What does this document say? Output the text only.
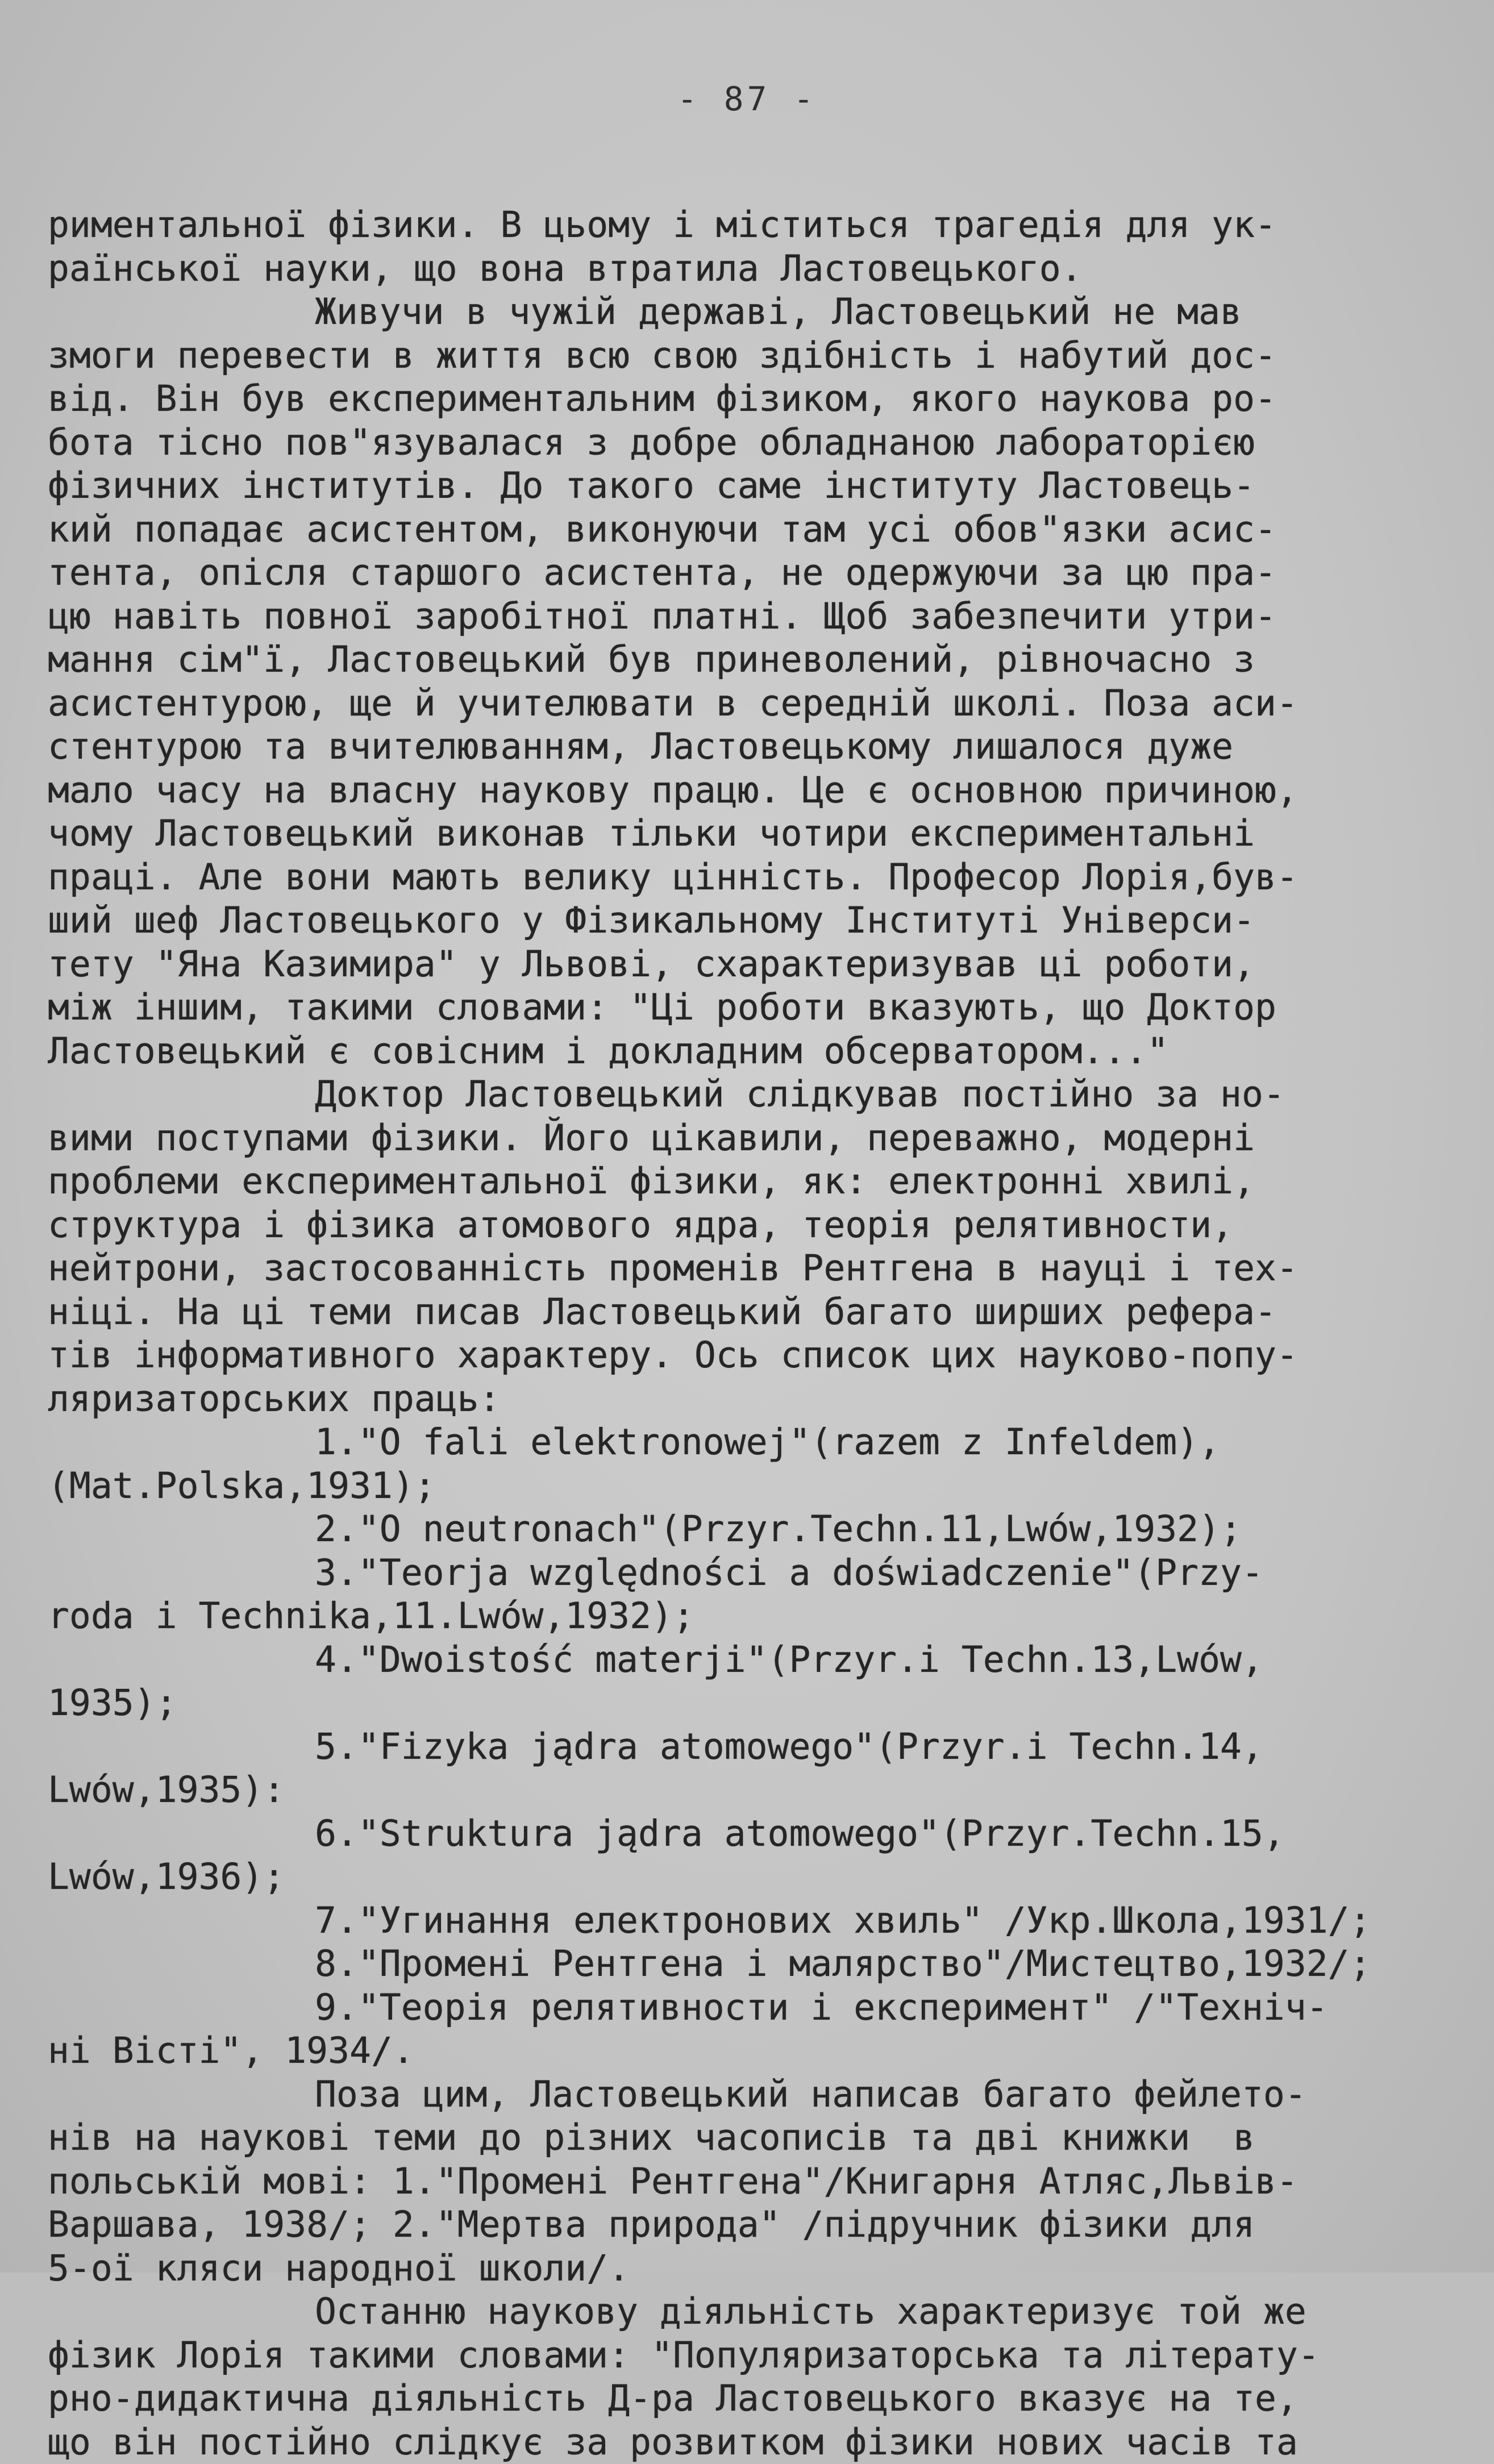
- 87 -
риментальної фізики. В цьому і міститься трагедія для ук-
раїнської науки, що вона втратила Ластовецького.
Живучи в чужій державі, Ластовецький не мав
змоги перевести в життя всю свою здібність і набутий дос-
від. Він був експериментальним фізиком, якого наукова ро-
бота тісно пов"язувалася з добре обладнаною лабораторією
фізичних інститутів. До такого саме інституту Ластовець-
кий попадає асистентом, виконуючи там усі обов"язки асис-
тента, опісля старшого асистента, не одержуючи за цю пра-
цю навіть повної заробітної платні. Щоб забезпечити утри-
мання сім"ї, Ластовецький був приневолений, рівночасно з
асистентурою, ще й учителювати в середній школі. Поза аси-
стентурою та вчителюванням, Ластовецькому лишалося дуже
мало часу на власну наукову працю. Це є основною причиною,
чому Ластовецький виконав тільки чотири експериментальні
праці. Але вони мають велику цінність. Професор Лорія,був-
ший шеф Ластовецького у Фізикальному Інституті Універси-
тету "Яна Казимира" у Львові, схарактеризував ці роботи,
між іншим, такими словами: "Ці роботи вказують, що Доктор
Ластовецький є совісним і докладним обсерватором..."
Доктор Ластовецький слідкував постійно за но-
вими поступами фізики. Його цікавили, переважно, модерні
проблеми експериментальної фізики, як: електронні хвилі,
структура і фізика атомового ядра, теорія релятивности,
нейтрони, застосованність променів Рентгена в науці і тех-
ніці. На ці теми писав Ластовецький багато ширших рефера-
тів інформативного характеру. Ось список цих науково-попу-
ляризаторських праць:
1."O fali elektronowej"(razem z Infeldem),
(Mat.Polska,1931);
2."O neutronach"(Przyr.Techn.11,Lwów,1932);
3."Teorja względności a doświadczenie"(Przy-
roda i Technika,11.Lwów,1932);
4."Dwoistość materji"(Przyr.i Techn.13,Lwów,
1935);
5."Fizyka jądra atomowego"(Przyr.i Techn.14,
Lwów,1935):
6."Struktura jądra atomowego"(Przyr.Techn.15,
Lwów,1936);
7."Угинання електронових хвиль" /Укр.Школа,1931/;
8."Промені Рентгена і малярство"/Мистецтво,1932/;
9."Теорія релятивности і експеримент" /"Техніч-
ні Вісті", 1934/.
Поза цим, Ластовецький написав багато фейлето-
нів на наукові теми до різних часописів та дві книжки  в
польській мові: 1."Промені Рентгена"/Книгарня Атляс,Львів-
Варшава, 1938/; 2."Мертва природа" /підручник фізики для
5-ої кляси народної школи/.
Останню наукову діяльність характеризує той же
фізик Лорія такими словами: "Популяризаторська та літерату-
рно-дидактична діяльність Д-ра Ластовецького вказує на те,
що він постійно слідкує за розвитком фізики нових часів та
